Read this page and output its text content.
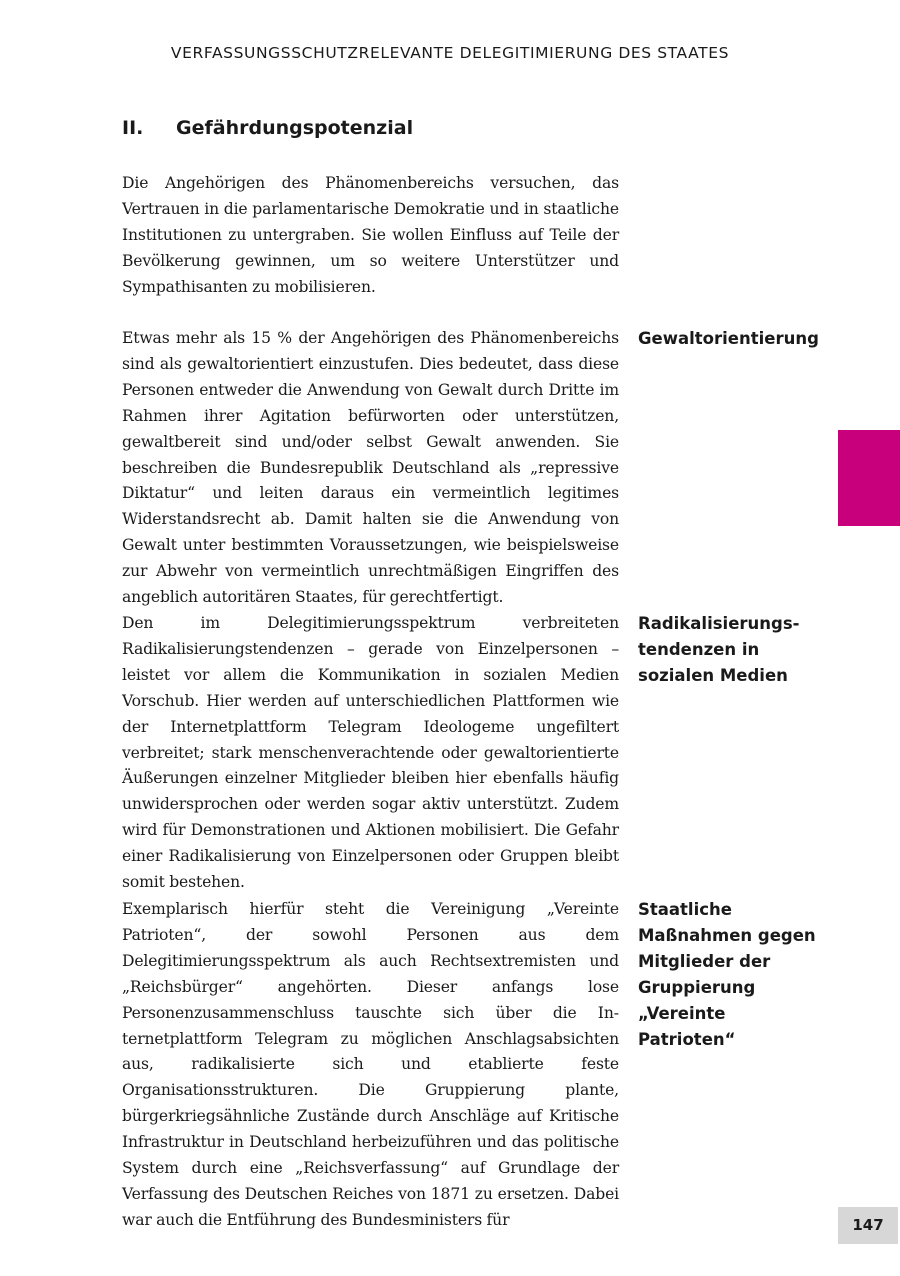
VERFASSUNGSSCHUTZRELEVANTE DELEGITIMIERUNG DES STAATES
II. Gefährdungspotenzial

Die Angehörigen des Phänomenbereichs versuchen, das Vertrauen in die parlamentarische Demokratie und in staatliche Institutionen zu untergraben. Sie wollen Einfluss auf Teile der Bevölkerung gewinnen, um so weitere Unterstützer und Sympathisanten zu mobilisieren.

Etwas mehr als 15 % der Angehörigen des Phänomenbereichs sind als gewaltorientiert einzustufen. Dies bedeutet, dass diese Personen entweder die Anwendung von Gewalt durch Dritte im Rahmen ihrer Agitation befürworten oder unterstützen, gewaltbereit sind und/oder selbst Gewalt anwenden. Sie beschreiben die Bundesrepublik Deutschland als „repressive Diktatur“ und leiten daraus ein vermeintlich legitimes Widerstandsrecht ab. Damit halten sie die Anwendung von Gewalt unter bestimmten Voraussetzungen, wie beispielsweise zur Abwehr von vermeintlich unrechtmäßigen Eingriffen des angeblich autoritären Staates, für gerechtfertigt.

Gewaltorientierung

Den im Delegitimierungsspektrum verbreiteten Radikalisierungstendenzen – gerade von Einzelpersonen – leistet vor allem die Kommunikation in sozialen Medien Vorschub. Hier werden auf unterschiedlichen Plattformen wie der Internetplattform Telegram Ideologeme ungefiltert verbreitet; stark menschenverachtende oder gewaltorientierte Äußerungen einzelner Mitglieder bleiben hier ebenfalls häufig unwidersprochen oder werden sogar aktiv unterstützt. Zudem wird für Demonstrationen und Aktionen mobilisiert. Die Gefahr einer Radikalisierung von Einzelpersonen oder Gruppen bleibt somit bestehen.

Radikalisierungstendenzen in sozialen Medien

Exemplarisch hierfür steht die Vereinigung „Vereinte Patrioten“, der sowohl Personen aus dem Delegitimierungsspektrum als auch Rechtsextremisten und „Reichsbürger“ angehörten. Dieser anfangs lose Personenzusammenschluss tauschte sich über die Internetplattform Telegram zu möglichen Anschlagsabsichten aus, radikalisierte sich und etablierte feste Organisationsstrukturen. Die Gruppierung plante, bürgerkriegsähnliche Zustände durch Anschläge auf Kritische Infrastruktur in Deutschland herbeizuführen und das politische System durch eine „Reichsverfassung“ auf Grundlage der Verfassung des Deutschen Reiches von 1871 zu ersetzen. Dabei war auch die Entführung des Bundesministers für

Staatliche Maßnahmen gegen Mitglieder der Gruppierung „Vereinte Patrioten“

147
